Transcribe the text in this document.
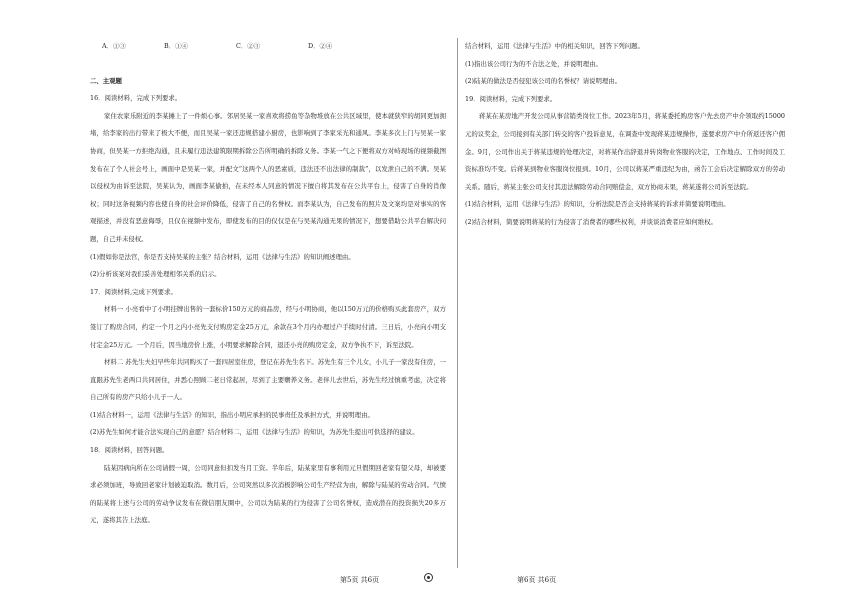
A．①③	B．①④	C．②③	D．②④
二、主观题

16．阅读材料，完成下列要求。

家住农家乐附近的李某摊上了一件烦心事。邻居吴某一家喜欢将捞鱼等杂物堆放在公共区域里，使本就狭窄的胡同更加拥堵，给李家的出行带来了极大不便，而且吴某一家还违规搭建小厨房，也影响到了李家采光和通风。李某多次上门与吴某一家协商，但吴某一方拒绝沟通，且未履行违法建筑限期拆除公告所明确的拆除义务。李某一气之下便将双方对峙现场的视频截图发布在了个人社会号上，画面中是吴某一家，并配文“这两个人的恶素质，违法还不出法律的制裁”，以发泄自己的不满。吴某以侵权为由诉至法院，吴某认为，画面李某偷拍，在未经本人同意的情况下擅自将其发布在公共平台上，侵害了自身的肖像权；同时这条视频内容也使自身的社会评价降低，侵害了自己的名誉权。而李某认为，自己发布的照片及文案均是对事实的客观描述，并没有恶意侮辱，且仅在视频中发布，即使发布的目的仅仅是在与吴某沟通无果的情况下，想要借助公共平台解决问题，自己并未侵权。

(1)假如你是法官，你是否支持吴某的主张？结合材料，运用《法律与生活》的知识阐述理由。

(2)分析该案对我们妥善处理相邻关系的启示。

17．阅读材料,完成下列要求。

材料一 小亮看中了小明挂牌出售的一套标价150万元的商品房，经与小明协商，他以150万元的价格购买此套房产，双方签订了购房合同，约定一个月之内小亮先支付购房定金25万元，余款在3个月内办理过户手续时付清。三日后，小亮向小明支付定金25万元。一个月后，因当地房价上涨，小明要求解除合同，退还小亮的购房定金，双方争执不下，诉至法院。

材料二 苏先生夫妇早些年共同购买了一套四居室住房，登记在苏先生名下。苏先生有三个儿女，小儿子一家没有住房，一直跟苏先生老两口共同居住，并悉心照顾二老日常起居，尽到了主要赡养义务。老伴儿去世后，苏先生经过慎重考虑，决定将自己所有的房产只给小儿子一人。

(1)结合材料一，运用《法律与生活》的知识，指出小明应承担的民事责任及承担方式，并说明理由。

(2)苏先生如何才能合法实现自己的意愿？结合材料二，运用《法律与生活》的知识，为苏先生提出可供选择的建议。

18．阅读材料，回答问题。

陆某因病向所在公司请假一周，公司同意但扣发当月工资。半年后，陆某家里有事利用元旦假期回老家有望父母，却被要求必须加班，导致回老家计划被迫取消。数月后，公司突然以多次消极影响公司生产经营为由，解除与陆某的劳动合同。气愤的陆某将上述与公司的劳动争议发布在微信朋友圈中，公司以为陆某的行为侵害了公司名誉权，造成潜在的投资损失20多万元，遂将其告上法庭。

结合材料，运用《法律与生活》中的相关知识，回答下列问题。

(1)指出该公司行为的不合法之处，并说明理由。

(2)陆某的做法是否侵犯该公司的名誉权？请说明理由。

19．阅读材料，完成下列要求。

蒋某在某房地产开发公司从事营销类岗位工作。2023年5月，蒋某委托购房客户先去房产中介领取约15000元的议奖金，公司接到有关部门转交的客户投诉意见，在调查中发现蒋某违规操作，遂要求房产中介所返还客户佣金。9月，公司作出关于蒋某违规的处理决定，对蒋某作出辞退并转岗物业客服的决定，工作地点、工作时间及工资标准均不变。后蒋某到物业客服岗位报到。10月，公司以蒋某严重违纪为由，函告工会后决定解除双方的劳动关系。随后，蒋某主张公司支付其违法解除劳动合同赔偿金，双方协商未果，蒋某遂将公司诉至法院。

(1)结合材料，运用《法律与生活》的知识，分析法院是否会支持蒋某的诉求并简要说明理由。

(2)结合材料，简要说明蒋某的行为侵害了消费者的哪些权利，并谈谈消费者应如何维权。

第5页 共6页	第6页 共6页
